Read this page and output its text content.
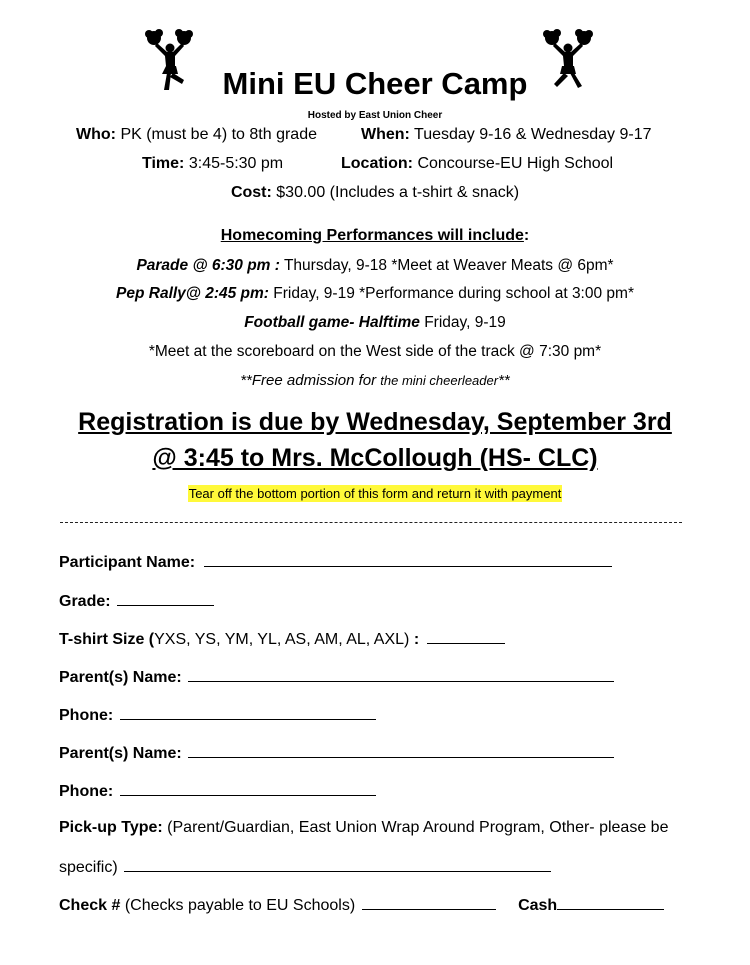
Mini EU Cheer Camp
Hosted by East Union Cheer
Who: PK (must be 4) to 8th grade	When: Tuesday 9-16 & Wednesday 9-17
Time: 3:45-5:30 pm	Location: Concourse-EU High School
Cost: $30.00 (Includes a t-shirt & snack)
Homecoming Performances will include:
Parade @ 6:30 pm : Thursday, 9-18 *Meet at Weaver Meats @ 6pm*
Pep Rally@ 2:45 pm: Friday, 9-19 *Performance during school at 3:00 pm*
Football game- Halftime Friday, 9-19
*Meet at the scoreboard on the West side of the track @ 7:30 pm*
**Free admission for the mini cheerleader**
Registration is due by Wednesday, September 3rd
@ 3:45 to Mrs. McCollough (HS- CLC)
Tear off the bottom portion of this form and return it with payment
Participant Name:
Grade:
T-shirt Size (YXS, YS, YM, YL, AS, AM, AL, AXL) :
Parent(s) Name:
Phone:
Parent(s) Name:
Phone:
Pick-up Type: (Parent/Guardian, East Union Wrap Around Program, Other- please be
specific)
Check # (Checks payable to EU Schools)	Cash
